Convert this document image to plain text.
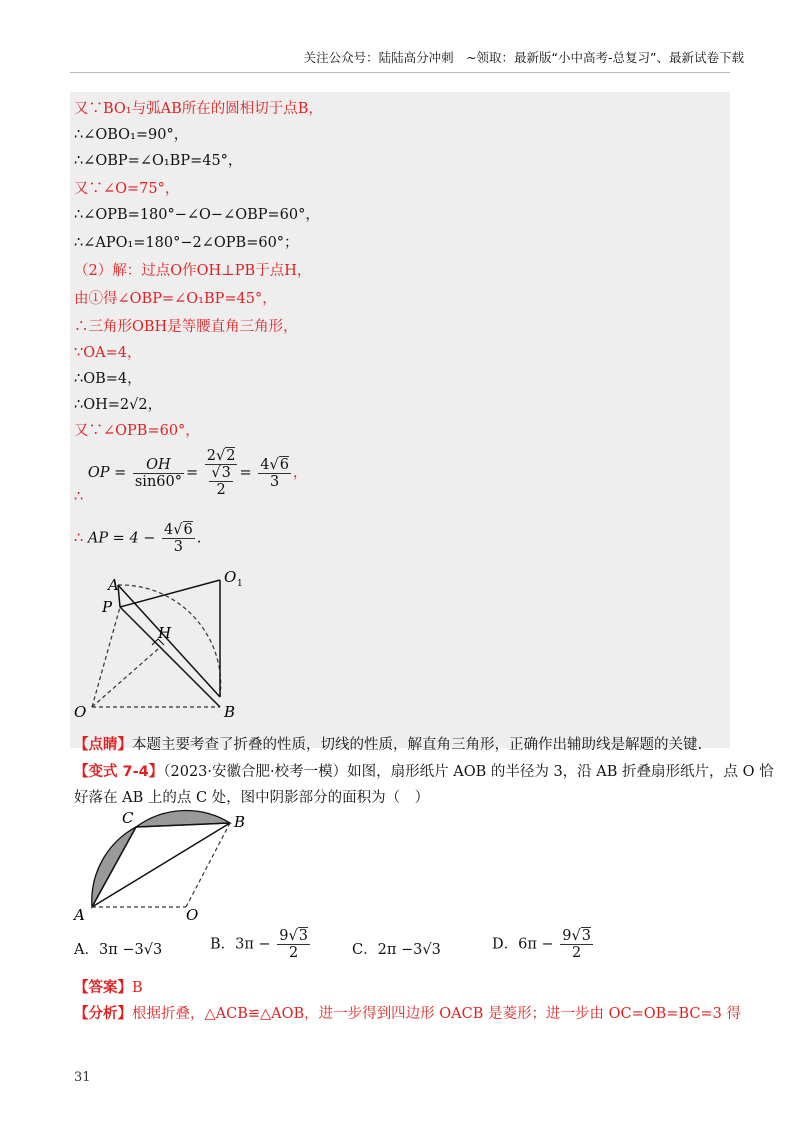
关注公众号：陆陆高分冲刺　~领取：最新版“小中高考-总复习”、最新试卷下载
又∵BO₁与弧AB所在的圆相切于点B，
∴∠OBO₁=90°，
∴∠OBP=∠O₁BP=45°，
又∵∠O=75°，
∴∠OPB=180°−∠O−∠OBP=60°，
∴∠APO₁=180°−2∠OPB=60°；
（2）解：过点O作OH⊥PB于点H，
由①得∠OBP=∠O₁BP=45°，
∴三角形OBH是等腰直角三角形，
∵OA=4，
∴OB=4，
∴OH=2√2，
又∵∠OPB=60°，
∴ OP = $\frac{OH}{\sin 60^\circ} = \frac{2√2}{\frac{√3}{2}} = \frac{4√6}{3}$ ，
∴ AP = $4 - \frac{4√6}{3}$ .
A
P
O 1
H
O	B
【点睛】本题主要考查了折叠的性质，切线的性质，解直角三角形，正确作出辅助线是解题的关键.
【变式 7-4】（2023·安徽合肥·校考一模）如图，扇形纸片 AOB 的半径为 3，沿 AB 折叠扇形纸片，点 O 恰
好落在 AB 上的点 C 处，图中阴影部分的面积为（　）
C	B
A	O
A．3π −3√3	B．$3\pi - \frac{9√3}{2}$	C．2π −3√3	D．$6\pi - \frac{9√3}{2}$
【答案】B
【分析】根据折叠，△ACB≌△AOB，进一步得到四边形 OACB 是菱形；进一步由 OC=OB=BC=3 得
31
